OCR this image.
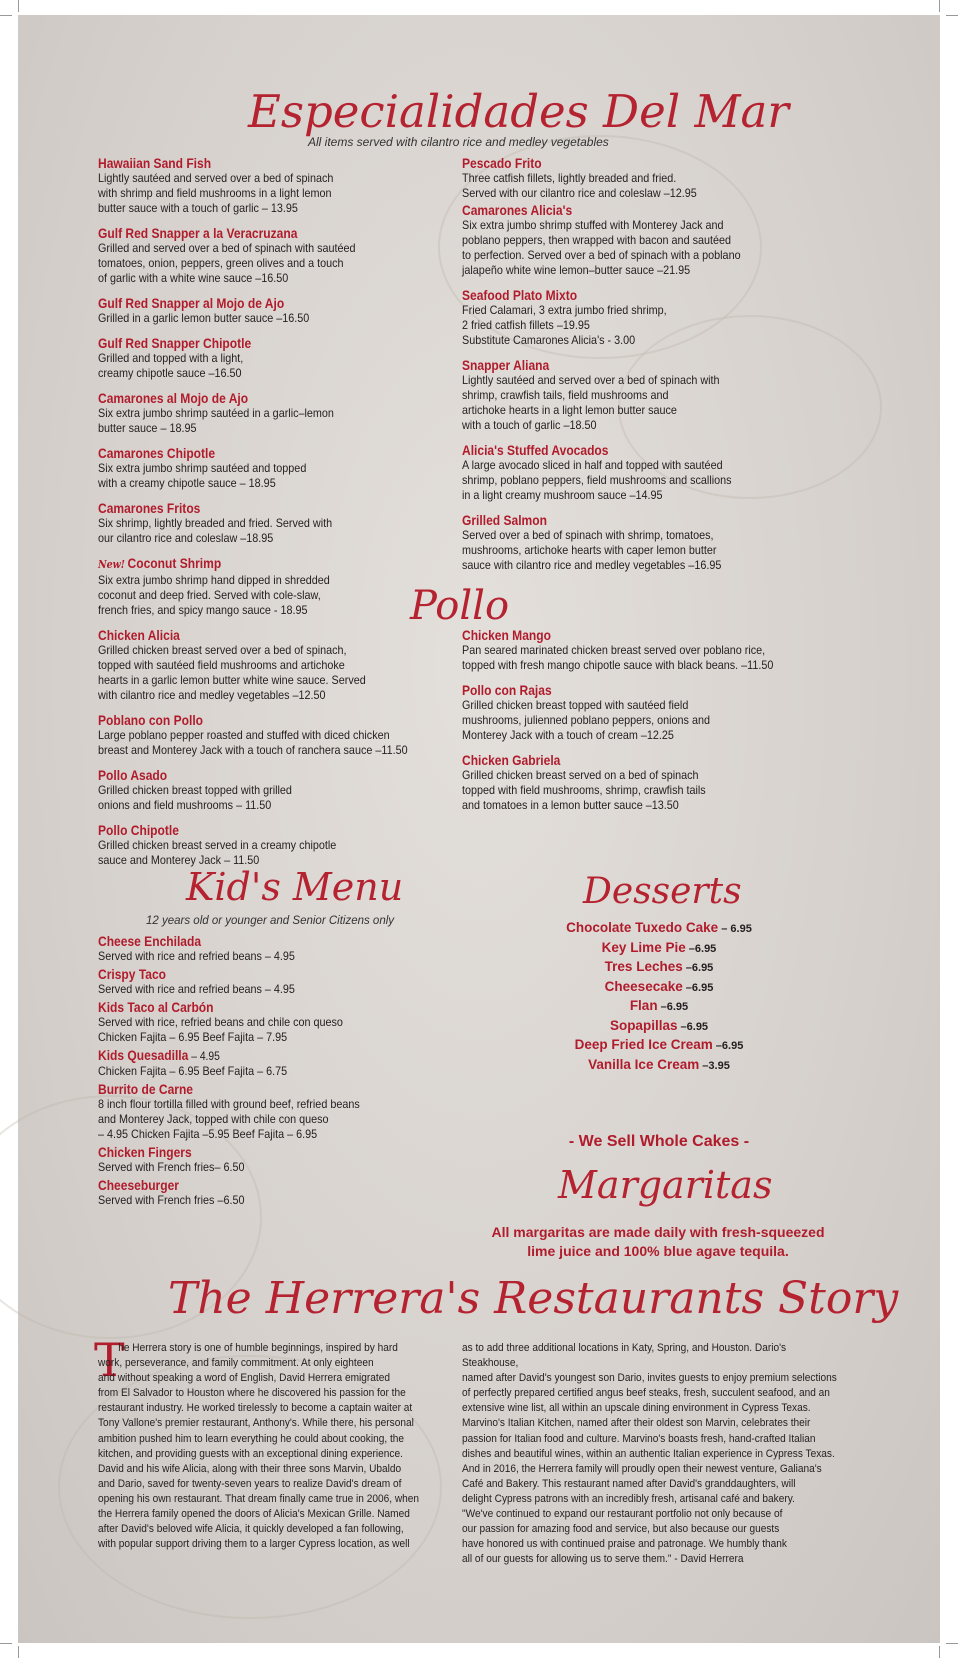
Especialidades Del Mar
All items served with cilantro rice and medley vegetables
Hawaiian Sand Fish
Lightly sautéed and served over a bed of spinach
with shrimp and field mushrooms in a light lemon
butter sauce with a touch of garlic – 13.95
Gulf Red Snapper a la Veracruzana
Grilled and served over a bed of spinach with sautéed
tomatoes, onion, peppers, green olives and a touch
of garlic with a white wine sauce –16.50
Gulf Red Snapper al Mojo de Ajo
Grilled in a garlic lemon butter sauce –16.50
Gulf Red Snapper Chipotle
Grilled and topped with a light,
creamy chipotle sauce –16.50
Camarones al Mojo de Ajo
Six extra jumbo shrimp sautéed in a garlic–lemon
butter sauce – 18.95
Camarones Chipotle
Six extra jumbo shrimp sautéed and topped
with a creamy chipotle sauce – 18.95
Camarones Fritos
Six shrimp, lightly breaded and fried. Served with
our cilantro rice and coleslaw –18.95
New! Coconut Shrimp
Six extra jumbo shrimp hand dipped in shredded
coconut and deep fried. Served with cole-slaw,
french fries, and spicy mango sauce - 18.95
Pescado Frito
Three catfish fillets, lightly breaded and fried.
Served with our cilantro rice and coleslaw –12.95
Camarones Alicia's
Six extra jumbo shrimp stuffed with Monterey Jack and
poblano peppers, then wrapped with bacon and sautéed
to perfection. Served over a bed of spinach with a poblano
jalapeño white wine lemon–butter sauce –21.95
Seafood Plato Mixto
Fried Calamari, 3 extra jumbo fried shrimp,
2 fried catfish fillets –19.95
Substitute Camarones Alicia's - 3.00
Snapper Aliana
Lightly sautéed and served over a bed of spinach with
shrimp, crawfish tails, field mushrooms and
artichoke hearts in a light lemon butter sauce
with a touch of garlic –18.50
Alicia's Stuffed Avocados
A large avocado sliced in half and topped with sautéed
shrimp, poblano peppers, field mushrooms and scallions
in a light creamy mushroom sauce –14.95
Grilled Salmon
Served over a bed of spinach with shrimp, tomatoes,
mushrooms, artichoke hearts with caper lemon butter
sauce with cilantro rice and medley vegetables –16.95
Pollo
Chicken Alicia
Grilled chicken breast served over a bed of spinach,
topped with sautéed field mushrooms and artichoke
hearts in a garlic lemon butter white wine sauce. Served
with cilantro rice and medley vegetables –12.50
Poblano con Pollo
Large poblano pepper roasted and stuffed with diced chicken
breast and Monterey Jack with a touch of ranchera sauce –11.50
Pollo Asado
Grilled chicken breast topped with grilled
onions and field mushrooms – 11.50
Pollo Chipotle
Grilled chicken breast served in a creamy chipotle
sauce and Monterey Jack – 11.50
Chicken Mango
Pan seared marinated chicken breast served over poblano rice,
topped with fresh mango chipotle sauce with black beans. –11.50
Pollo con Rajas
Grilled chicken breast topped with sautéed field
mushrooms, julienned poblano peppers, onions and
Monterey Jack with a touch of cream –12.25
Chicken Gabriela
Grilled chicken breast served on a bed of spinach
topped with field mushrooms, shrimp, crawfish tails
and tomatoes in a lemon butter sauce –13.50
Kid's Menu
12 years old or younger and Senior Citizens only
Cheese Enchilada
Served with rice and refried beans – 4.95
Crispy Taco
Served with rice and refried beans – 4.95
Kids Taco al Carbón
Served with rice, refried beans and chile con queso
Chicken Fajita – 6.95 Beef Fajita – 7.95
Kids Quesadilla – 4.95
Chicken Fajita – 6.95 Beef Fajita – 6.75
Burrito de Carne
8 inch flour tortilla filled with ground beef, refried beans
and Monterey Jack, topped with chile con queso
– 4.95 Chicken Fajita –5.95 Beef Fajita – 6.95
Chicken Fingers
Served with French fries– 6.50
Cheeseburger
Served with French fries –6.50
Desserts
Chocolate Tuxedo Cake – 6.95
Key Lime Pie –6.95
Tres Leches –6.95
Cheesecake –6.95
Flan –6.95
Sopapillas –6.95
Deep Fried Ice Cream –6.95
Vanilla Ice Cream –3.95
- We Sell Whole Cakes -
Margaritas
All margaritas are made daily with fresh-squeezed
lime juice and 100% blue agave tequila.
The Herrera's Restaurants Story
T
he Herrera story is one of humble beginnings, inspired by hard
work, perseverance, and family commitment. At only eighteen
and without speaking a word of English, David Herrera emigrated
from El Salvador to Houston where he discovered his passion for the
restaurant industry. He worked tirelessly to become a captain waiter at
Tony Vallone's premier restaurant, Anthony's. While there, his personal
ambition pushed him to learn everything he could about cooking, the
kitchen, and providing guests with an exceptional dining experience.
David and his wife Alicia, along with their three sons Marvin, Ubaldo
and Dario, saved for twenty-seven years to realize David's dream of
opening his own restaurant. That dream finally came true in 2006, when
the Herrera family opened the doors of Alicia's Mexican Grille. Named
after David's beloved wife Alicia, it quickly developed a fan following,
with popular support driving them to a larger Cypress location, as well
as to add three additional locations in Katy, Spring, and Houston. Dario's Steakhouse,
named after David's youngest son Dario, invites guests to enjoy premium selections
of perfectly prepared certified angus beef steaks, fresh, succulent seafood, and an
extensive wine list, all within an upscale dining environment in Cypress Texas.
Marvino's Italian Kitchen, named after their oldest son Marvin, celebrates their
passion for Italian food and culture. Marvino's boasts fresh, hand-crafted Italian
dishes and beautiful wines, within an authentic Italian experience in Cypress Texas.
And in 2016, the Herrera family will proudly open their newest venture, Galiana's
Café and Bakery. This restaurant named after David's granddaughters, will
delight Cypress patrons with an incredibly fresh, artisanal café and bakery.
"We've continued to expand our restaurant portfolio not only because of
our passion for amazing food and service, but also because our guests
have honored us with continued praise and patronage. We humbly thank
all of our guests for allowing us to serve them." - David Herrera
